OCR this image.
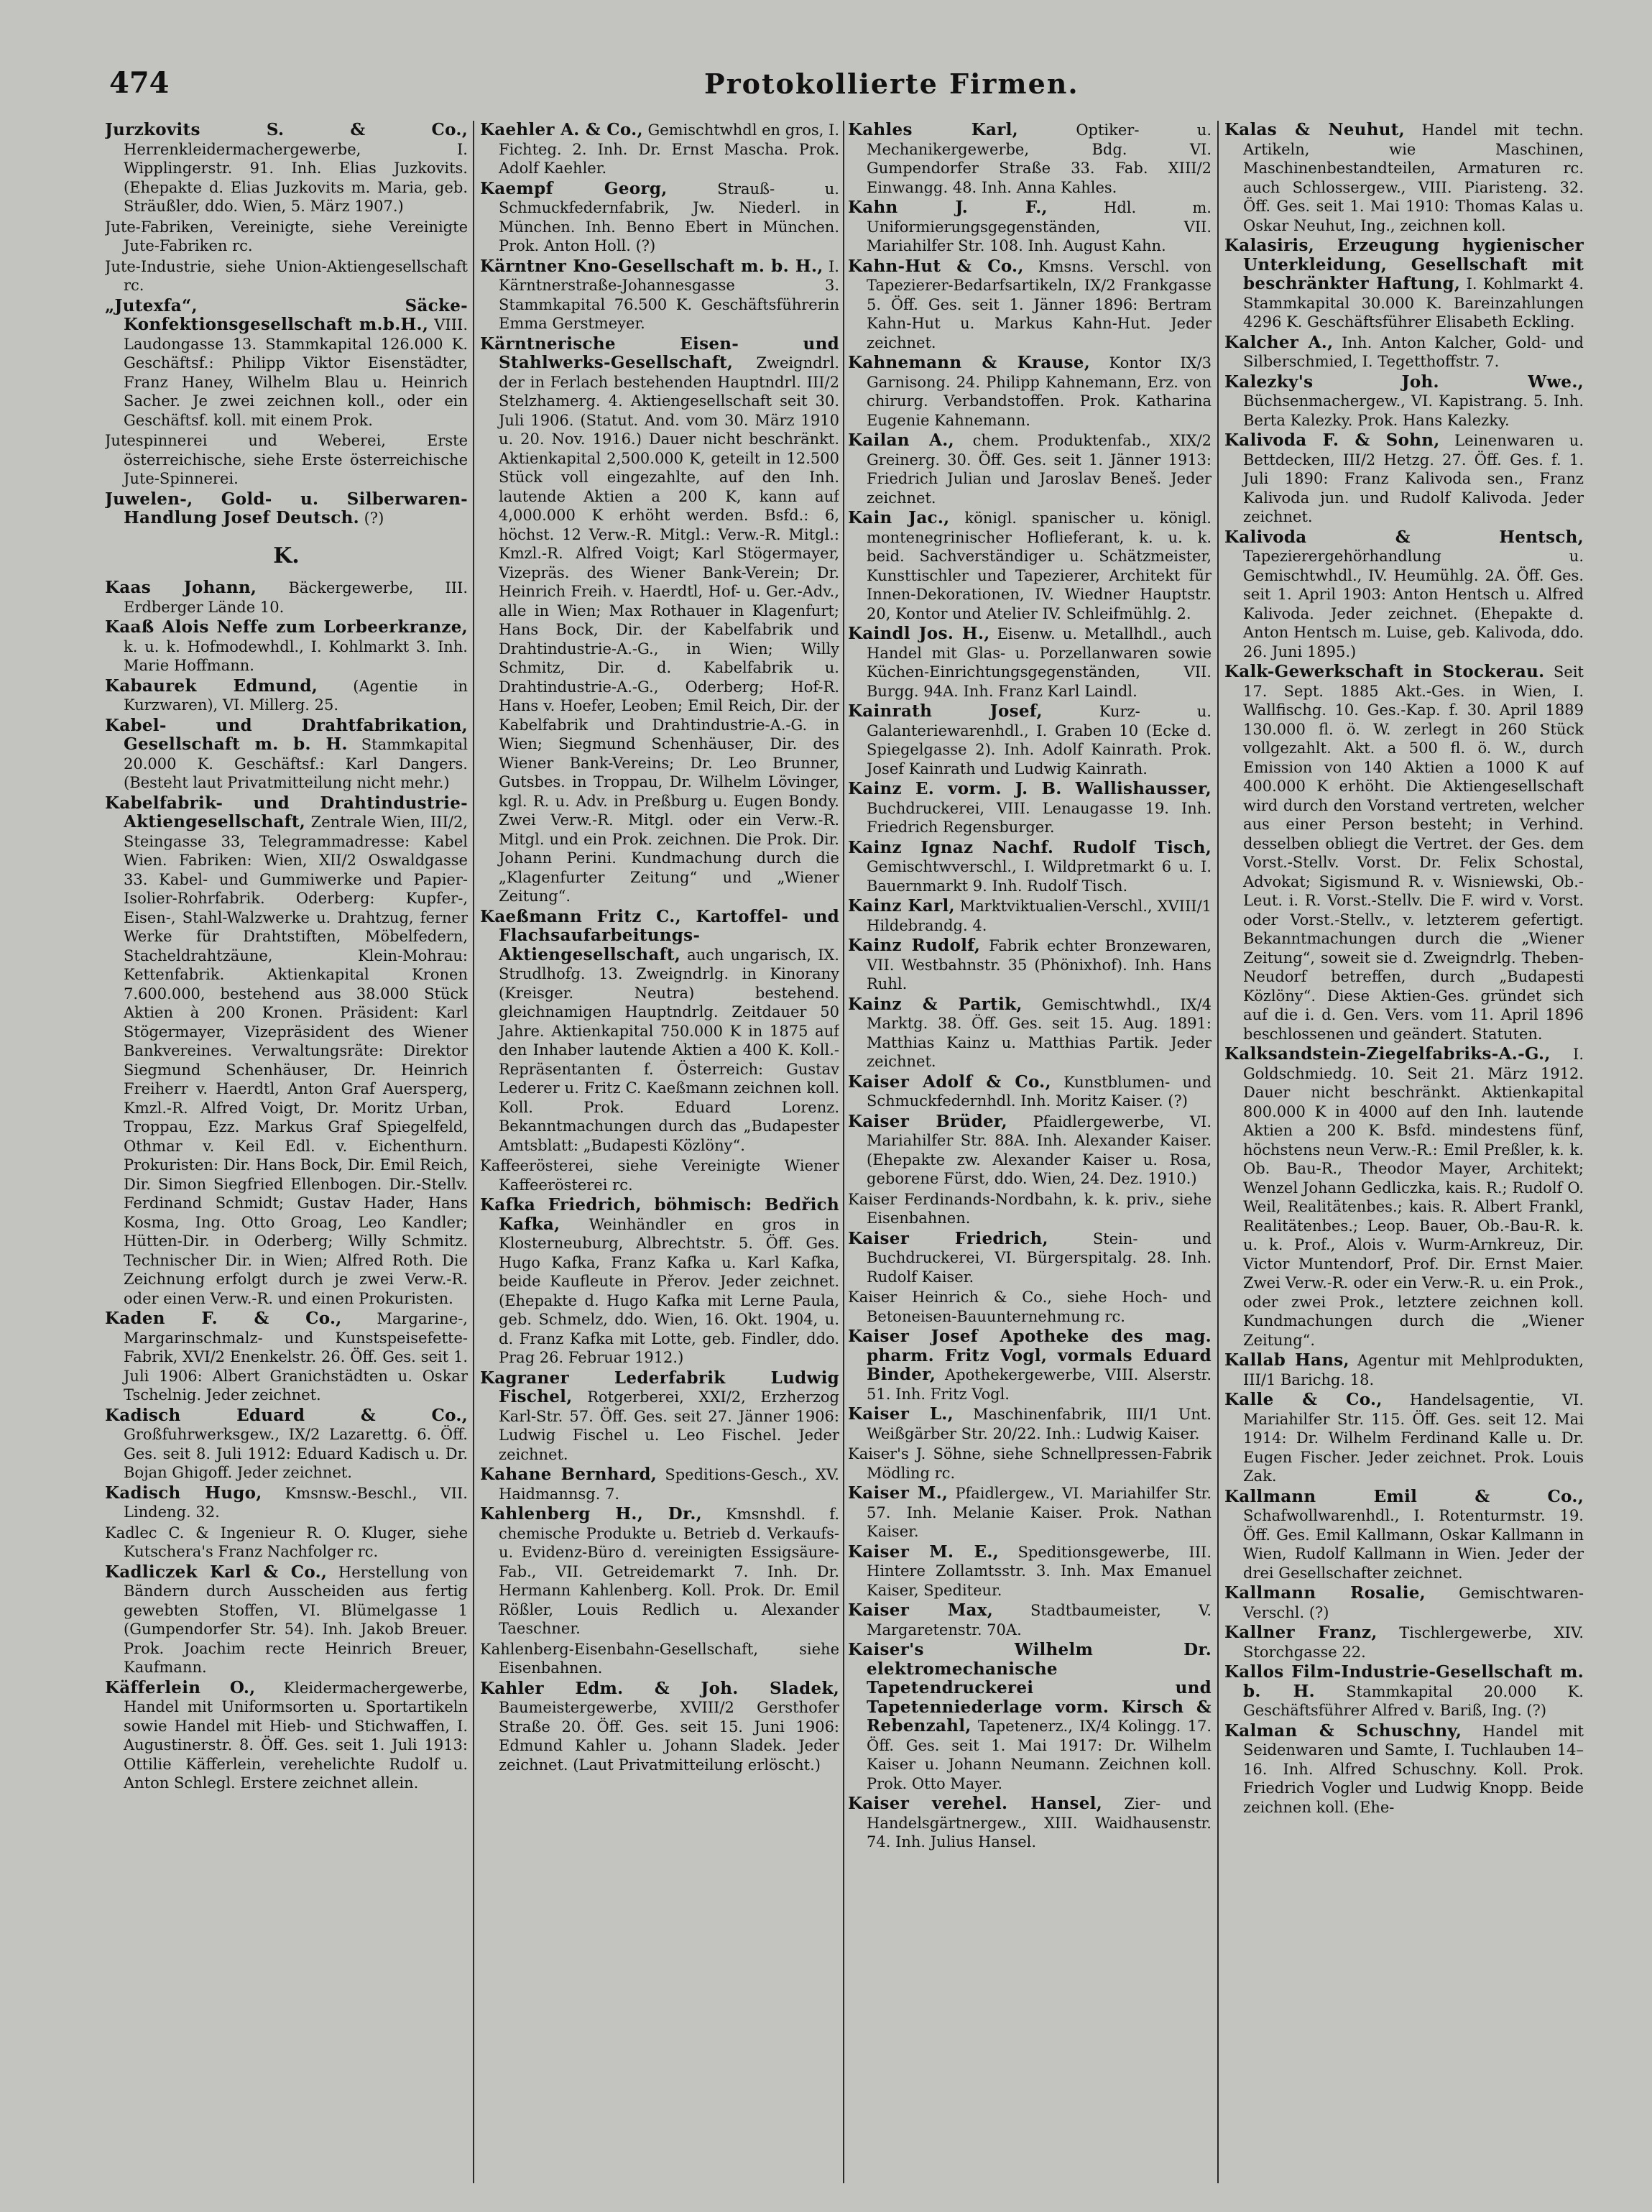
474	Protokollierte Firmen.
Jurzkovits S. & Co., Herrenkleidermachergewerbe, I. Wipplingerstr. 91. Inh. Elias Juzkovits. (Ehepakte d. Elias Juzkovits m. Maria, geb. Sträußler, ddo. Wien, 5. März 1907.)
Jute-Fabriken, Vereinigte, siehe Vereinigte Jute-Fabriken rc.
Jute-Industrie, siehe Union-Aktiengesellschaft rc.
„Jutexfa“, Säcke-Konfektionsgesellschaft m.b.H., VIII. Laudongasse 13. Stammkapital 126.000 K. Geschäftsf.: Philipp Viktor Eisenstädter, Franz Haney, Wilhelm Blau u. Heinrich Sacher. Je zwei zeichnen koll., oder ein Geschäftsf. koll. mit einem Prok.
Jutespinnerei und Weberei, Erste österreichische, siehe Erste österreichische Jute-Spinnerei.
Juwelen-, Gold- u. Silberwaren-Handlung Josef Deutsch. (?)
K.
Kaas Johann, Bäckergewerbe, III. Erdberger Lände 10.
Kaaß Alois Neffe zum Lorbeerkranze, k. u. k. Hofmodewhdl., I. Kohlmarkt 3. Inh. Marie Hoffmann.
Kabaurek Edmund, (Agentie in Kurzwaren), VI. Millerg. 25.
Kabel- und Drahtfabrikation, Gesellschaft m. b. H. Stammkapital 20.000 K. Geschäftsf.: Karl Dangers. (Besteht laut Privatmitteilung nicht mehr.)
Kabelfabrik- und Drahtindustrie-Aktiengesellschaft, Zentrale Wien, III/2, Steingasse 33, Telegrammadresse: Kabel Wien. Fabriken: Wien, XII/2 Oswaldgasse 33. Kabel- und Gummiwerke und Papier-Isolier-Rohrfabrik. Oderberg: Kupfer-, Eisen-, Stahl-Walzwerke u. Drahtzug, ferner Werke für Drahtstiften, Möbelfedern, Stacheldrahtzäune, Klein-Mohrau: Kettenfabrik. Aktienkapital Kronen 7.600.000, bestehend aus 38.000 Stück Aktien à 200 Kronen. Präsident: Karl Stögermayer, Vizepräsident des Wiener Bankvereines. Verwaltungsräte: Direktor Siegmund Schenhäuser, Dr. Heinrich Freiherr v. Haerdtl, Anton Graf Auersperg, Kmzl.-R. Alfred Voigt, Dr. Moritz Urban, Troppau, Ezz. Markus Graf Spiegelfeld, Othmar v. Keil Edl. v. Eichenthurn. Prokuristen: Dir. Hans Bock, Dir. Emil Reich, Dir. Simon Siegfried Ellenbogen. Dir.-Stellv. Ferdinand Schmidt; Gustav Hader, Hans Kosma, Ing. Otto Groag, Leo Kandler; Hütten-Dir. in Oderberg; Willy Schmitz. Technischer Dir. in Wien; Alfred Roth. Die Zeichnung erfolgt durch je zwei Verw.-R. oder einen Verw.-R. und einen Prokuristen.
Kaden F. & Co., Margarine-, Margarinschmalz- und Kunstspeisefette-Fabrik, XVI/2 Enenkelstr. 26. Öff. Ges. seit 1. Juli 1906: Albert Granichstädten u. Oskar Tschelnig. Jeder zeichnet.
Kadisch Eduard & Co., Großfuhrwerksgew., IX/2 Lazarettg. 6. Öff. Ges. seit 8. Juli 1912: Eduard Kadisch u. Dr. Bojan Ghigoff. Jeder zeichnet.
Kadisch Hugo, Kmsnsw.-Beschl., VII. Lindeng. 32.
Kadlec C. & Ingenieur R. O. Kluger, siehe Kutschera's Franz Nachfolger rc.
Kadliczek Karl & Co., Herstellung von Bändern durch Ausscheiden aus fertig gewebten Stoffen, VI. Blümelgasse 1 (Gumpendorfer Str. 54). Inh. Jakob Breuer. Prok. Joachim recte Heinrich Breuer, Kaufmann.
Käfferlein O., Kleidermachergewerbe, Handel mit Uniformsorten u. Sportartikeln sowie Handel mit Hieb- und Stichwaffen, I. Augustinerstr. 8. Öff. Ges. seit 1. Juli 1913: Ottilie Käfferlein, verehelichte Rudolf u. Anton Schlegl. Erstere zeichnet allein.
Kaehler A. & Co., Gemischtwhdl en gros, I. Fichteg. 2. Inh. Dr. Ernst Mascha. Prok. Adolf Kaehler.
Kaempf Georg, Strauß- u. Schmuckfedernfabrik, Jw. Niederl. in München. Inh. Benno Ebert in München. Prok. Anton Holl. (?)
Kärntner Kno-Gesellschaft m. b. H., I. Kärntnerstraße-Johannesgasse 3. Stammkapital 76.500 K. Geschäftsführerin Emma Gerstmeyer.
Kärntnerische Eisen- und Stahlwerks-Gesellschaft, Zweigndrl. der in Ferlach bestehenden Hauptndrl. III/2 Stelzhamerg. 4. Aktiengesellschaft seit 30. Juli 1906. (Statut. And. vom 30. März 1910 u. 20. Nov. 1916.) Dauer nicht beschränkt. Aktienkapital 2,500.000 K, geteilt in 12.500 Stück voll eingezahlte, auf den Inh. lautende Aktien a 200 K, kann auf 4,000.000 K erhöht werden. Bsfd.: 6, höchst. 12 Verw.-R. Mitgl.: Verw.-R. Mitgl.: Kmzl.-R. Alfred Voigt; Karl Stögermayer, Vizepräs. des Wiener Bank-Verein; Dr. Heinrich Freih. v. Haerdtl, Hof- u. Ger.-Adv., alle in Wien; Max Rothauer in Klagenfurt; Hans Bock, Dir. der Kabelfabrik und Drahtindustrie-A.-G., in Wien; Willy Schmitz, Dir. d. Kabelfabrik u. Drahtindustrie-A.-G., Oderberg; Hof-R. Hans v. Hoefer, Leoben; Emil Reich, Dir. der Kabelfabrik und Drahtindustrie-A.-G. in Wien; Siegmund Schenhäuser, Dir. des Wiener Bank-Vereins; Dr. Leo Brunner, Gutsbes. in Troppau, Dr. Wilhelm Lövinger, kgl. R. u. Adv. in Preßburg u. Eugen Bondy. Zwei Verw.-R. Mitgl. oder ein Verw.-R. Mitgl. und ein Prok. zeichnen. Die Prok. Dir. Johann Perini. Kundmachung durch die „Klagenfurter Zeitung“ und „Wiener Zeitung“.
Kaeßmann Fritz C., Kartoffel- und Flachsaufarbeitungs-Aktiengesellschaft, auch ungarisch, IX. Strudlhofg. 13. Zweigndrlg. in Kinorany (Kreisger. Neutra) bestehend. gleichnamigen Hauptndrlg. Zeitdauer 50 Jahre. Aktienkapital 750.000 K in 1875 auf den Inhaber lautende Aktien a 400 K. Koll.-Repräsentanten f. Österreich: Gustav Lederer u. Fritz C. Kaeßmann zeichnen koll. Koll. Prok. Eduard Lorenz. Bekanntmachungen durch das „Budapester Amtsblatt: „Budapesti Közlöny“.
Kaffeerösterei, siehe Vereinigte Wiener Kaffeerösterei rc.
Kafka Friedrich, böhmisch: Bedřich Kafka, Weinhändler en gros in Klosterneuburg, Albrechtstr. 5. Öff. Ges. Hugo Kafka, Franz Kafka u. Karl Kafka, beide Kaufleute in Přerov. Jeder zeichnet. (Ehepakte d. Hugo Kafka mit Lerne Paula, geb. Schmelz, ddo. Wien, 16. Okt. 1904, u. d. Franz Kafka mit Lotte, geb. Findler, ddo. Prag 26. Februar 1912.)
Kagraner Lederfabrik Ludwig Fischel, Rotgerberei, XXI/2, Erzherzog Karl-Str. 57. Öff. Ges. seit 27. Jänner 1906: Ludwig Fischel u. Leo Fischel. Jeder zeichnet.
Kahane Bernhard, Speditions-Gesch., XV. Haidmannsg. 7.
Kahlenberg H., Dr., Kmsnshdl. f. chemische Produkte u. Betrieb d. Verkaufs- u. Evidenz-Büro d. vereinigten Essigsäure-Fab., VII. Getreidemarkt 7. Inh. Dr. Hermann Kahlenberg. Koll. Prok. Dr. Emil Rößler, Louis Redlich u. Alexander Taeschner.
Kahlenberg-Eisenbahn-Gesellschaft, siehe Eisenbahnen.
Kahler Edm. & Joh. Sladek, Baumeistergewerbe, XVIII/2 Gersthofer Straße 20. Öff. Ges. seit 15. Juni 1906: Edmund Kahler u. Johann Sladek. Jeder zeichnet. (Laut Privatmitteilung erlöscht.)
Kahles Karl, Optiker- u. Mechanikergewerbe, Bdg. VI. Gumpendorfer Straße 33. Fab. XIII/2 Einwangg. 48. Inh. Anna Kahles.
Kahn J. F., Hdl. m. Uniformierungsgegenständen, VII. Mariahilfer Str. 108. Inh. August Kahn.
Kahn-Hut & Co., Kmsns. Verschl. von Tapezierer-Bedarfsartikeln, IX/2 Frankgasse 5. Öff. Ges. seit 1. Jänner 1896: Bertram Kahn-Hut u. Markus Kahn-Hut. Jeder zeichnet.
Kahnemann & Krause, Kontor IX/3 Garnisong. 24. Philipp Kahnemann, Erz. von chirurg. Verbandstoffen. Prok. Katharina Eugenie Kahnemann.
Kailan A., chem. Produktenfab., XIX/2 Greinerg. 30. Öff. Ges. seit 1. Jänner 1913: Friedrich Julian und Jaroslav Beneš. Jeder zeichnet.
Kain Jac., königl. spanischer u. königl. montenegrinischer Hoflieferant, k. u. k. beid. Sachverständiger u. Schätzmeister, Kunsttischler und Tapezierer, Architekt für Innen-Dekorationen, IV. Wiedner Hauptstr. 20, Kontor und Atelier IV. Schleifmühlg. 2.
Kaindl Jos. H., Eisenw. u. Metallhdl., auch Handel mit Glas- u. Porzellanwaren sowie Küchen-Einrichtungsgegenständen, VII. Burgg. 94A. Inh. Franz Karl Laindl.
Kainrath Josef, Kurz- u. Galanteriewarenhdl., I. Graben 10 (Ecke d. Spiegelgasse 2). Inh. Adolf Kainrath. Prok. Josef Kainrath und Ludwig Kainrath.
Kainz E. vorm. J. B. Wallishausser, Buchdruckerei, VIII. Lenaugasse 19. Inh. Friedrich Regensburger.
Kainz Ignaz Nachf. Rudolf Tisch, Gemischtwverschl., I. Wildpretmarkt 6 u. I. Bauernmarkt 9. Inh. Rudolf Tisch.
Kainz Karl, Marktviktualien-Verschl., XVIII/1 Hildebrandg. 4.
Kainz Rudolf, Fabrik echter Bronzewaren, VII. Westbahnstr. 35 (Phönixhof). Inh. Hans Ruhl.
Kainz & Partik, Gemischtwhdl., IX/4 Marktg. 38. Öff. Ges. seit 15. Aug. 1891: Matthias Kainz u. Matthias Partik. Jeder zeichnet.
Kaiser Adolf & Co., Kunstblumen- und Schmuckfedernhdl. Inh. Moritz Kaiser. (?)
Kaiser Brüder, Pfaidlergewerbe, VI. Mariahilfer Str. 88A. Inh. Alexander Kaiser. (Ehepakte zw. Alexander Kaiser u. Rosa, geborene Fürst, ddo. Wien, 24. Dez. 1910.)
Kaiser Ferdinands-Nordbahn, k. k. priv., siehe Eisenbahnen.
Kaiser Friedrich, Stein- und Buchdruckerei, VI. Bürgerspitalg. 28. Inh. Rudolf Kaiser.
Kaiser Heinrich & Co., siehe Hoch- und Betoneisen-Bauunternehmung rc.
Kaiser Josef Apotheke des mag. pharm. Fritz Vogl, vormals Eduard Binder, Apothekergewerbe, VIII. Alserstr. 51. Inh. Fritz Vogl.
Kaiser L., Maschinenfabrik, III/1 Unt. Weißgärber Str. 20/22. Inh.: Ludwig Kaiser.
Kaiser's J. Söhne, siehe Schnellpressen-Fabrik Mödling rc.
Kaiser M., Pfaidlergew., VI. Mariahilfer Str. 57. Inh. Melanie Kaiser. Prok. Nathan Kaiser.
Kaiser M. E., Speditionsgewerbe, III. Hintere Zollamtsstr. 3. Inh. Max Emanuel Kaiser, Spediteur.
Kaiser Max, Stadtbaumeister, V. Margaretenstr. 70A.
Kaiser's Wilhelm Dr. elektromechanische Tapetendruckerei und Tapetenniederlage vorm. Kirsch & Rebenzahl, Tapetenerz., IX/4 Kolingg. 17. Öff. Ges. seit 1. Mai 1917: Dr. Wilhelm Kaiser u. Johann Neumann. Zeichnen koll. Prok. Otto Mayer.
Kaiser verehel. Hansel, Zier- und Handelsgärtnergew., XIII. Waidhausenstr. 74. Inh. Julius Hansel.
Kalas & Neuhut, Handel mit techn. Artikeln, wie Maschinen, Maschinenbestandteilen, Armaturen rc. auch Schlossergew., VIII. Piaristeng. 32. Öff. Ges. seit 1. Mai 1910: Thomas Kalas u. Oskar Neuhut, Ing., zeichnen koll.
Kalasiris, Erzeugung hygienischer Unterkleidung, Gesellschaft mit beschränkter Haftung, I. Kohlmarkt 4. Stammkapital 30.000 K. Bareinzahlungen 4296 K. Geschäftsführer Elisabeth Eckling.
Kalcher A., Inh. Anton Kalcher, Gold- und Silberschmied, I. Tegetthoffstr. 7.
Kalezky's Joh. Wwe., Büchsenmachergew., VI. Kapistrang. 5. Inh. Berta Kalezky. Prok. Hans Kalezky.
Kalivoda F. & Sohn, Leinenwaren u. Bettdecken, III/2 Hetzg. 27. Öff. Ges. f. 1. Juli 1890: Franz Kalivoda sen., Franz Kalivoda jun. und Rudolf Kalivoda. Jeder zeichnet.
Kalivoda & Hentsch, Tapezierergehörhandlung u. Gemischtwhdl., IV. Heumühlg. 2A. Öff. Ges. seit 1. April 1903: Anton Hentsch u. Alfred Kalivoda. Jeder zeichnet. (Ehepakte d. Anton Hentsch m. Luise, geb. Kalivoda, ddo. 26. Juni 1895.)
Kalk-Gewerkschaft in Stockerau. Seit 17. Sept. 1885 Akt.-Ges. in Wien, I. Wallfischg. 10. Ges.-Kap. f. 30. April 1889 130.000 fl. ö. W. zerlegt in 260 Stück vollgezahlt. Akt. a 500 fl. ö. W., durch Emission von 140 Aktien a 1000 K auf 400.000 K erhöht. Die Aktiengesellschaft wird durch den Vorstand vertreten, welcher aus einer Person besteht; in Verhind. desselben obliegt die Vertret. der Ges. dem Vorst.-Stellv. Vorst. Dr. Felix Schostal, Advokat; Sigismund R. v. Wisniewski, Ob.-Leut. i. R. Vorst.-Stellv. Die F. wird v. Vorst. oder Vorst.-Stellv., v. letzterem gefertigt. Bekanntmachungen durch die „Wiener Zeitung“, soweit sie d. Zweigndrlg. Theben-Neudorf betreffen, durch „Budapesti Közlöny“. Diese Aktien-Ges. gründet sich auf die i. d. Gen. Vers. vom 11. April 1896 beschlossenen und geändert. Statuten.
Kalksandstein-Ziegelfabriks-A.-G., I. Goldschmiedg. 10. Seit 21. März 1912. Dauer nicht beschränkt. Aktienkapital 800.000 K in 4000 auf den Inh. lautende Aktien a 200 K. Bsfd. mindestens fünf, höchstens neun Verw.-R.: Emil Preßler, k. k. Ob. Bau-R., Theodor Mayer, Architekt; Wenzel Johann Gedliczka, kais. R.; Rudolf O. Weil, Realitätenbes.; kais. R. Albert Frankl, Realitätenbes.; Leop. Bauer, Ob.-Bau-R. k. u. k. Prof., Alois v. Wurm-Arnkreuz, Dir. Victor Muntendorf, Prof. Dir. Ernst Maier. Zwei Verw.-R. oder ein Verw.-R. u. ein Prok., oder zwei Prok., letztere zeichnen koll. Kundmachungen durch die „Wiener Zeitung“.
Kallab Hans, Agentur mit Mehlprodukten, III/1 Barichg. 18.
Kalle & Co., Handelsagentie, VI. Mariahilfer Str. 115. Öff. Ges. seit 12. Mai 1914: Dr. Wilhelm Ferdinand Kalle u. Dr. Eugen Fischer. Jeder zeichnet. Prok. Louis Zak.
Kallmann Emil & Co., Schafwollwarenhdl., I. Rotenturmstr. 19. Öff. Ges. Emil Kallmann, Oskar Kallmann in Wien, Rudolf Kallmann in Wien. Jeder der drei Gesellschafter zeichnet.
Kallmann Rosalie, Gemischtwaren-Verschl. (?)
Kallner Franz, Tischlergewerbe, XIV. Storchgasse 22.
Kallos Film-Industrie-Gesellschaft m. b. H. Stammkapital 20.000 K. Geschäftsführer Alfred v. Bariß, Ing. (?)
Kalman & Schuschny, Handel mit Seidenwaren und Samte, I. Tuchlauben 14–16. Inh. Alfred Schuschny. Koll. Prok. Friedrich Vogler und Ludwig Knopp. Beide zeichnen koll. (Ehe-
